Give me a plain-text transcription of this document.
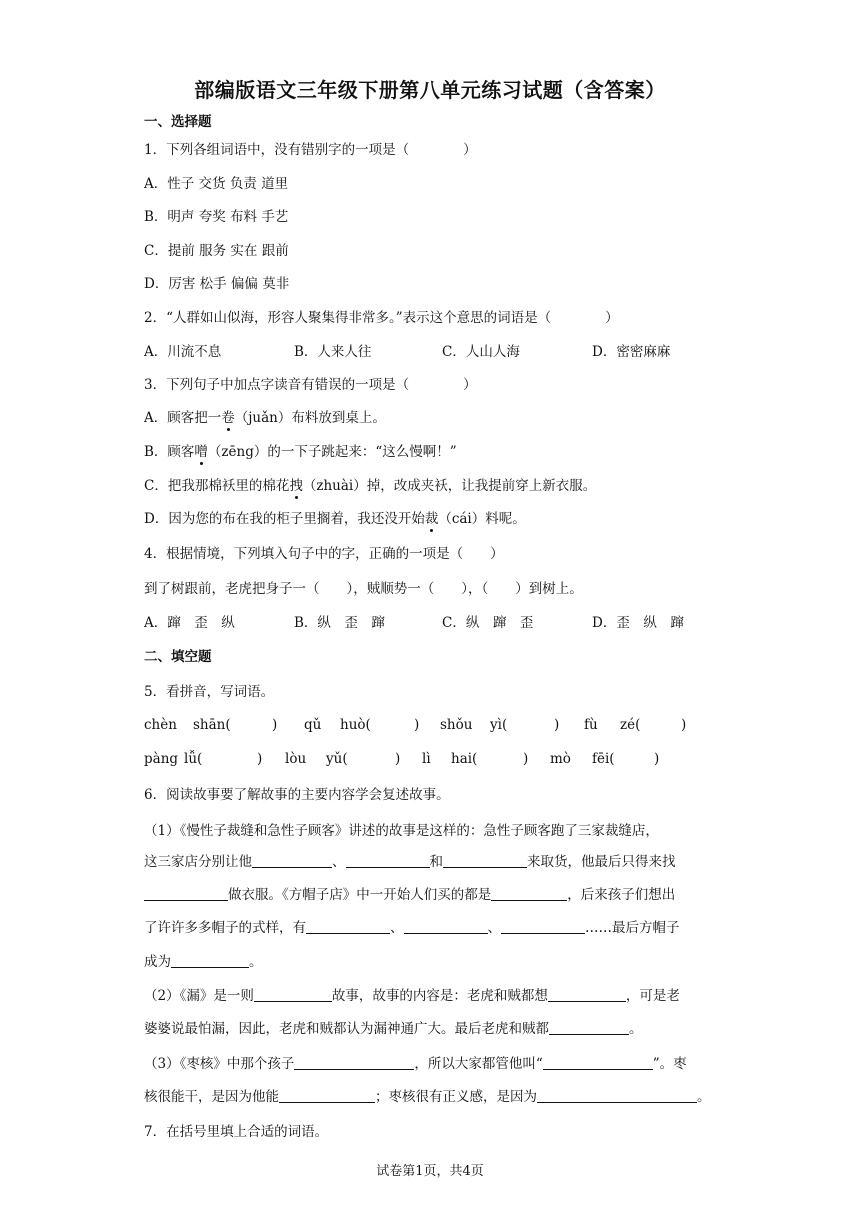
部编版语文三年级下册第八单元练习试题（含答案）
一、选择题
1．下列各组词语中，没有错别字的一项是（　　　　）
A．性子 交货 负责 道里
B．明声 夸奖 布料 手艺
C．提前 服务 实在 跟前
D．厉害 松手 偏偏 莫非
2．“人群如山似海，形容人聚集得非常多。”表示这个意思的词语是（　　　　）
A．川流不息	B．人来人往	C．人山人海	D．密密麻麻
3．下列句子中加点字读音有错误的一项是（　　　　）
A．顾客把一卷（juǎn）布料放到桌上。
B．顾客噌（zēng）的一下子跳起来：“这么慢啊！”
C．把我那棉袄里的棉花拽（zhuài）掉，改成夹袄，让我提前穿上新衣服。
D．因为您的布在我的柜子里搁着，我还没开始裁（cái）料呢。
4．根据情境，下列填入句子中的字，正确的一项是（　　）
到了树跟前，老虎把身子一（　　），贼顺势一（　　），（　　）到树上。
A．蹿　歪　纵	B．纵　歪　蹿	C．纵　蹿　歪	D．歪　纵　蹿
二、填空题
5．看拼音，写词语。
chèn shān(	) qǔ huò(	) shǒu yì(	) fù zé(	)
pàng lǚ(	) lòu yǔ(	) lì hai(	) mò fēi(	)
6．阅读故事要了解故事的主要内容学会复述故事。
（1）《慢性子裁缝和急性子顾客》讲述的故事是这样的：急性子顾客跑了三家裁缝店，
这三家店分别让他	、	和	来取货，他最后只得来找
做衣服。《方帽子店》中一开始人们买的都是	，后来孩子们想出
了许许多多帽子的式样，有	、	、	……最后方帽子
成为	。
（2）《漏》是一则	故事，故事的内容是：老虎和贼都想	，可是老
婆婆说最怕漏，因此，老虎和贼都认为漏神通广大。最后老虎和贼都	。
（3）《枣核》中那个孩子	，所以大家都管他叫“	”。枣
核很能干，是因为他能	；枣核很有正义感，是因为	。
7．在括号里填上合适的词语。
试卷第1页，共4页
